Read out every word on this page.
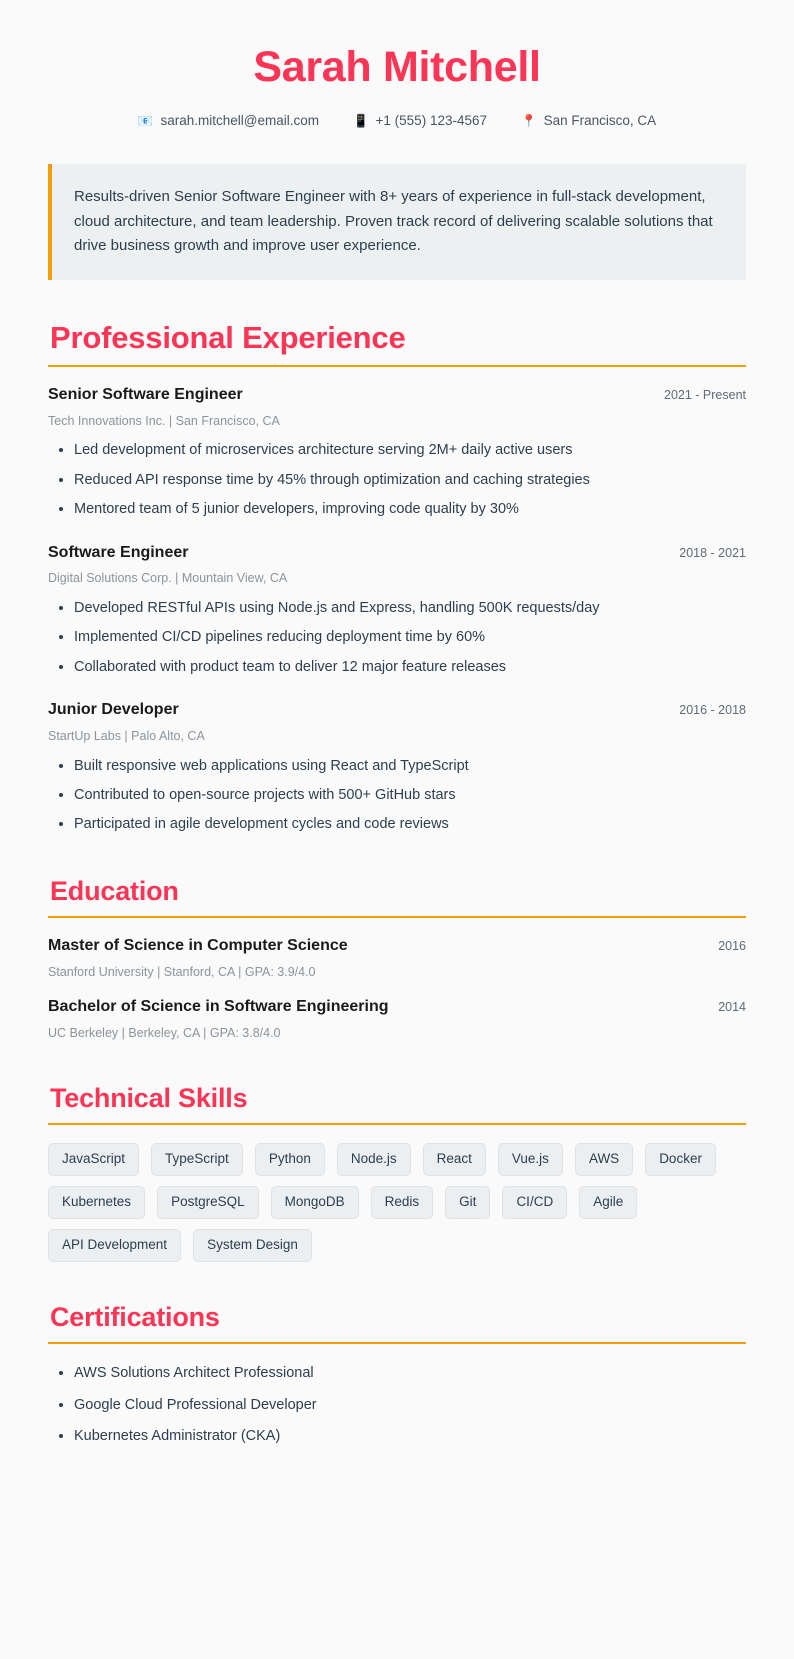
Sarah Mitchell
📧 sarah.mitchell@email.com	📱 +1 (555) 123-4567	📍 San Francisco, CA

Results-driven Senior Software Engineer with 8+ years of experience in full-stack development, cloud architecture, and team leadership. Proven track record of delivering scalable solutions that drive business growth and improve user experience.

Professional Experience
Senior Software Engineer	2021 - Present

Tech Innovations Inc. | San Francisco, CA

• Led development of microservices architecture serving 2M+ daily active users
• Reduced API response time by 45% through optimization and caching strategies
• Mentored team of 5 junior developers, improving code quality by 30%
Software Engineer	2018 - 2021

Digital Solutions Corp. | Mountain View, CA

• Developed RESTful APIs using Node.js and Express, handling 500K requests/day
• Implemented CI/CD pipelines reducing deployment time by 60%
• Collaborated with product team to deliver 12 major feature releases
Junior Developer	2016 - 2018

StartUp Labs | Palo Alto, CA

• Built responsive web applications using React and TypeScript
• Contributed to open-source projects with 500+ GitHub stars
• Participated in agile development cycles and code reviews
Education
Master of Science in Computer Science	2016

Stanford University | Stanford, CA | GPA: 3.9/4.0

Bachelor of Science in Software Engineering	2014

UC Berkeley | Berkeley, CA | GPA: 3.8/4.0

Technical Skills
JavaScript	TypeScript	Python	Node.js	React	Vue.js	AWS	Docker
Kubernetes	PostgreSQL	MongoDB	Redis	Git	CI/CD	Agile
API Development	System Design
Certifications
• AWS Solutions Architect Professional
• Google Cloud Professional Developer
• Kubernetes Administrator (CKA)
